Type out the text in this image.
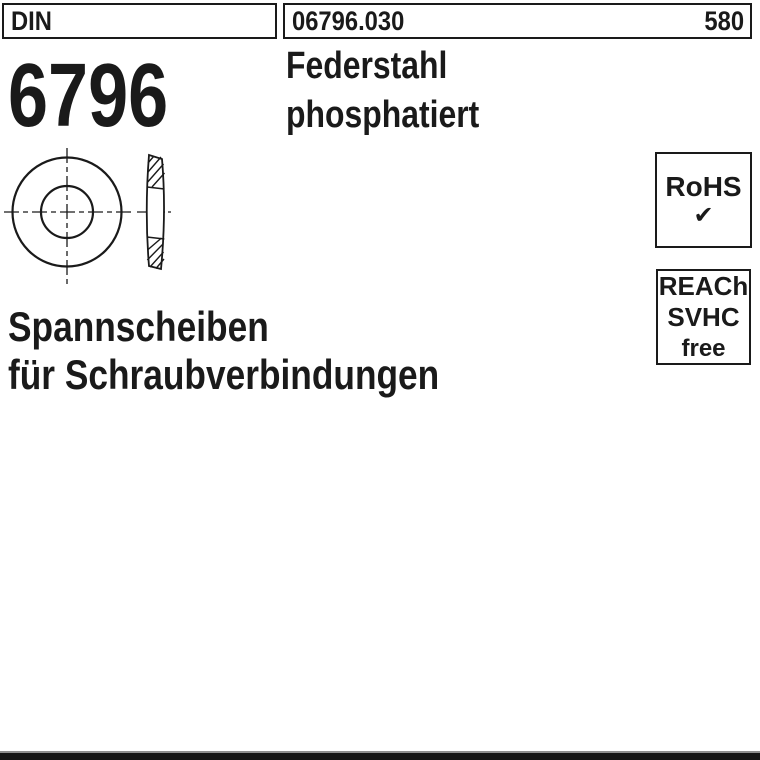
DIN	06796.030	580
6796	Federstahl
phosphatiert
RoHS
✔
REACh
SVHC
free
Spannscheiben
für Schraubverbindungen
